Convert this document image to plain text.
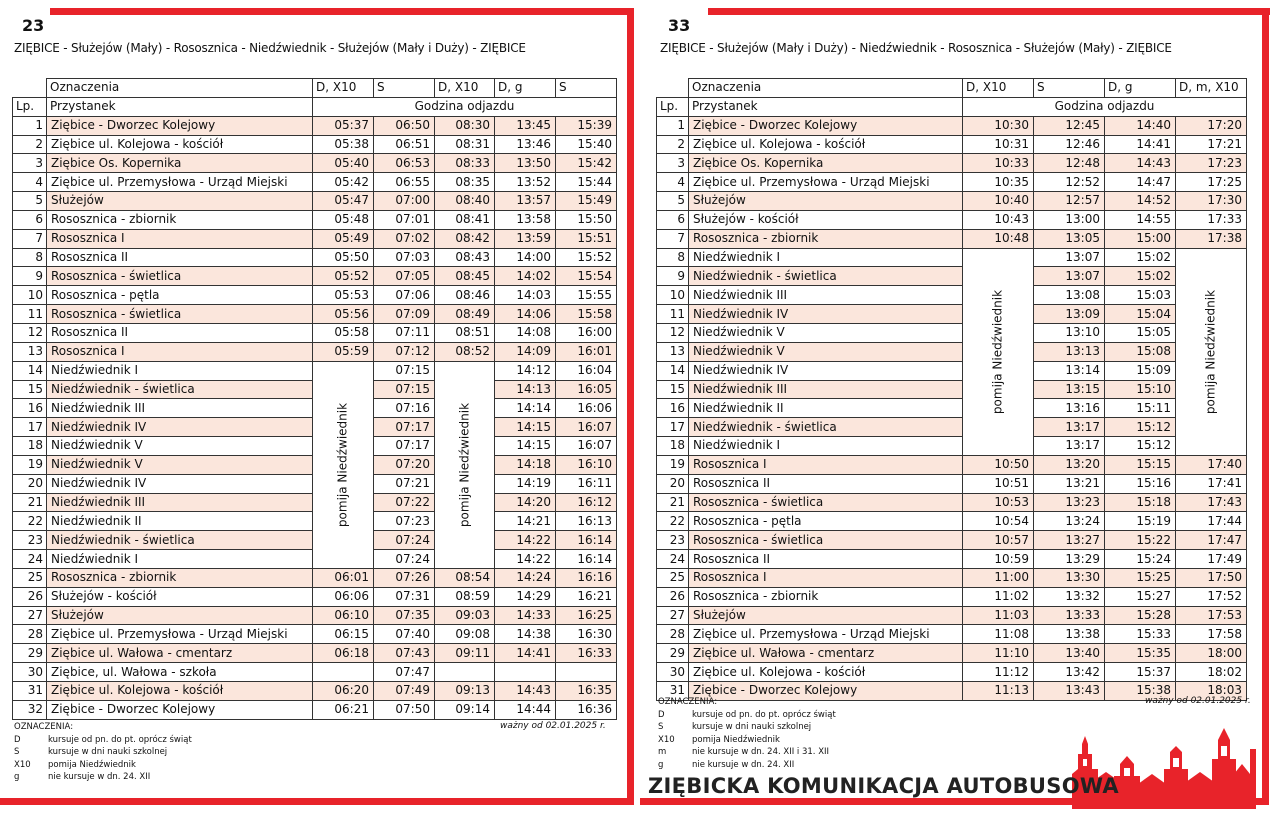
23
ZIĘBICE - Służejów (Mały) - Rososznica - Niedźwiednik - Służejów (Mały i Duży) - ZIĘBICE
	Oznaczenia	D, X10	S	D, X10	D, g	S
Lp.	Przystanek	Godzina odjazdu				
1	Ziębice - Dworzec Kolejowy	05:37	06:50	08:30	13:45	15:39
2	Ziębice ul. Kolejowa - kościół	05:38	06:51	08:31	13:46	15:40
3	Ziębice Os. Kopernika	05:40	06:53	08:33	13:50	15:42
4	Ziębice ul. Przemysłowa - Urząd Miejski	05:42	06:55	08:35	13:52	15:44
5	Służejów	05:47	07:00	08:40	13:57	15:49
6	Rososznica - zbiornik	05:48	07:01	08:41	13:58	15:50
7	Rososznica I	05:49	07:02	08:42	13:59	15:51
8	Rososznica II	05:50	07:03	08:43	14:00	15:52
9	Rososznica - świetlica	05:52	07:05	08:45	14:02	15:54
10	Rososznica - pętla	05:53	07:06	08:46	14:03	15:55
11	Rososznica - świetlica	05:56	07:09	08:49	14:06	15:58
12	Rososznica II	05:58	07:11	08:51	14:08	16:00
13	Rososznica I	05:59	07:12	08:52	14:09	16:01
14	Niedźwiednik I	pomija Niedźwiednik	07:15	pomija Niedźwiednik	14:12	16:04
15	Niedźwiednik - świetlica		07:15		14:13	16:05
16	Niedźwiednik III		07:16		14:14	16:06
17	Niedźwiednik IV		07:17		14:15	16:07
18	Niedźwiednik V		07:17		14:15	16:07
19	Niedźwiednik V		07:20		14:18	16:10
20	Niedźwiednik IV		07:21		14:19	16:11
21	Niedźwiednik III		07:22		14:20	16:12
22	Niedźwiednik II		07:23		14:21	16:13
23	Niedźwiednik - świetlica		07:24		14:22	16:14
24	Niedźwiednik I		07:24		14:22	16:14
25	Rososznica - zbiornik	06:01	07:26	08:54	14:24	16:16
26	Służejów - kościół	06:06	07:31	08:59	14:29	16:21
27	Służejów	06:10	07:35	09:03	14:33	16:25
28	Ziębice ul. Przemysłowa - Urząd Miejski	06:15	07:40	09:08	14:38	16:30
29	Ziębice ul. Wałowa - cmentarz	06:18	07:43	09:11	14:41	16:33
30	Ziębice, ul. Wałowa - szkoła		07:47			
31	Ziębice ul. Kolejowa - kościół	06:20	07:49	09:13	14:43	16:35
32	Ziębice - Dworzec Kolejowy	06:21	07:50	09:14	14:44	16:36
ważny od 02.01.2025 r.
OZNACZENIA:
D	kursuje od pn. do pt. oprócz świąt
S	kursuje w dni nauki szkolnej
X10	pomija Niedźwiednik
g	nie kursuje w dn. 24. XII
33
ZIĘBICE - Służejów (Mały i Duży) - Niedźwiednik - Rososznica - Służejów (Mały) - ZIĘBICE
	Oznaczenia	D, X10	S	D, g	D, m, X10
Lp.	Przystanek	Godzina odjazdu			
1	Ziębice - Dworzec Kolejowy	10:30	12:45	14:40	17:20
2	Ziębice ul. Kolejowa - kościół	10:31	12:46	14:41	17:21
3	Ziębice Os. Kopernika	10:33	12:48	14:43	17:23
4	Ziębice ul. Przemysłowa - Urząd Miejski	10:35	12:52	14:47	17:25
5	Służejów	10:40	12:57	14:52	17:30
6	Służejów - kościół	10:43	13:00	14:55	17:33
7	Rososznica - zbiornik	10:48	13:05	15:00	17:38
8	Niedźwiednik I	pomija Niedźwiednik	13:07	15:02	pomija Niedźwiednik

9	Niedźwiednik - świetlica		13:07	15:02	
10	Niedźwiednik III		13:08	15:03	
11	Niedźwiednik IV		13:09	15:04	
12	Niedźwiednik V		13:10	15:05	
13	Niedźwiednik V		13:13	15:08	
14	Niedźwiednik IV		13:14	15:09	
15	Niedźwiednik III		13:15	15:10	
16	Niedźwiednik II		13:16	15:11	
17	Niedźwiednik - świetlica		13:17	15:12	
18	Niedźwiednik I		13:17	15:12	
19	Rososznica I	10:50	13:20	15:15	17:40
20	Rososznica II	10:51	13:21	15:16	17:41
21	Rososznica - świetlica	10:53	13:23	15:18	17:43
22	Rososznica - pętla	10:54	13:24	15:19	17:44
23	Rososznica - świetlica	10:57	13:27	15:22	17:47
24	Rososznica II	10:59	13:29	15:24	17:49
25	Rososznica I	11:00	13:30	15:25	17:50
26	Rososznica - zbiornik	11:02	13:32	15:27	17:52
27	Służejów	11:03	13:33	15:28	17:53
28	Ziębice ul. Przemysłowa - Urząd Miejski	11:08	13:38	15:33	17:58
29	Ziębice ul. Wałowa - cmentarz	11:10	13:40	15:35	18:00
30	Ziębice ul. Kolejowa - kościół	11:12	13:42	15:37	18:02
31	Ziębice - Dworzec Kolejowy	11:13	13:43	15:38	18:03
ważny od 02.01.2025 r.
OZNACZENIA:
D	kursuje od pn. do pt. oprócz świąt
S	kursuje w dni nauki szkolnej
X10	pomija Niedźwiednik
m	nie kursuje w dn. 24. XII i 31. XII
g	nie kursuje w dn. 24. XII
ZIĘBICKA KOMUNIKACJA AUTOBUSOWA
